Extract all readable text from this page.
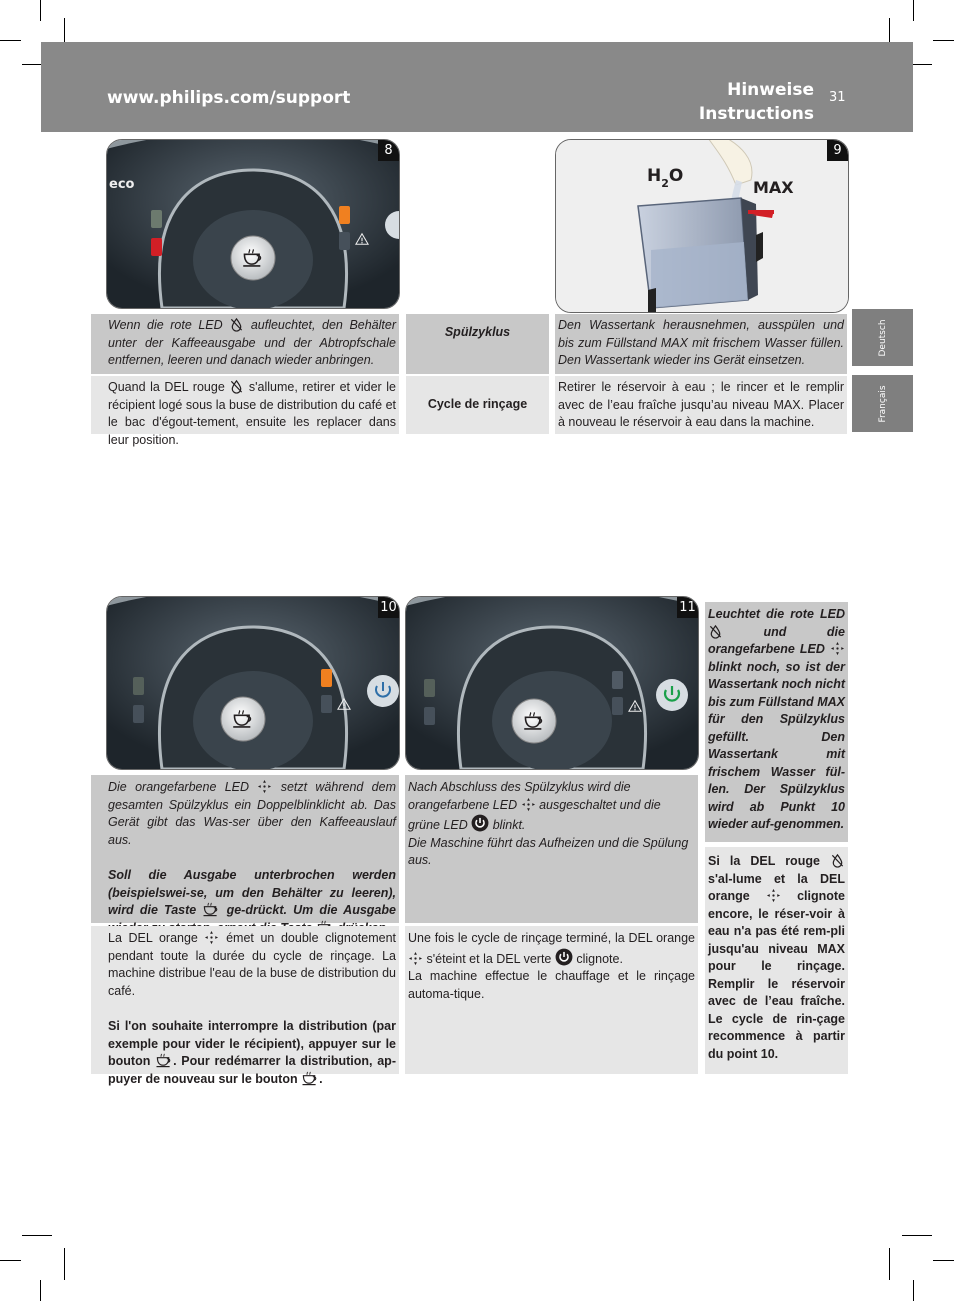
www.philips.com/support	Hinweise
Instructions
31
Deutsch
Français
eco
8
$H_2O$
MAX
9
Wenn die rote LED aufleuchtet, den Behälter unter der Kaffeeausgabe und der Abtropfschale entfernen, leeren und danach wieder anbringen.
Spülzyklus	Den Wassertank herausnehmen, ausspülen und bis zum Füllstand MAX mit frischem Wasser füllen. Den Wassertank wieder ins Gerät einsetzen.
Quand la DEL rouge s'allume, retirer et vider le récipient logé sous la buse de distribution du café et le bac d'égout-tement, ensuite les replacer dans leur position.
Cycle de rinçage
Retirer le réservoir à eau ; le rincer et le remplir avec de l’eau fraîche jusqu’au niveau MAX. Placer à nouveau le réservoir à eau dans la machine.
10	11 Leuchtet die rote LED  und die orangefarbene LED  blinkt noch, so ist der Wassertank noch nicht bis zum Füllstand MAX für den Spülzyklus gefüllt. Den Wassertank mit frischem Wasser fül-len. Der Spülzyklus wird ab Punkt 10 wieder auf-genommen.
Si la DEL rouge  s'al-lume et la DEL orange	clignote encore, le réser-voir à eau n'a pas été rem-pli jusqu'au niveau MAX pour le rinçage. Remplir le réservoir avec de l’eau fraîche. Le cycle de rin-çage recommence à partir du point 10.

Die orangefarbene LED	setzt während dem gesamten Spülzyklus ein Doppelblinklicht ab. Das Gerät gibt das Was-ser über den Kaffeeauslauf aus.

Soll die Ausgabe unterbrochen werden (beispielswei-se, um den Behälter zu leeren), wird die Taste ge-drückt. Um die Ausgabe

Nach Abschluss des Spülzyklus wird die orangefarbene LED ausgeschaltet und die grüne LED blinkt.
Die Maschine führt das Aufheizen und die Spülung aus.

La DEL orange émet un double clignotement pendant toute la durée du cycle de rinçage. La machine distribue l'eau de la buse de distribution du café.

Si l'on souhaite interrompre la distribution (par exemple pour vider le récipient), appuyer sur le bouton . Pour redémarrer la distribution, ap-puyer de nouveau sur le bouton .

Une fois le cycle de rinçage terminé, la DEL orange  s'éteint et la DEL verte clignote.
La machine effectue le chauffage et le rinçage automa-tique.
